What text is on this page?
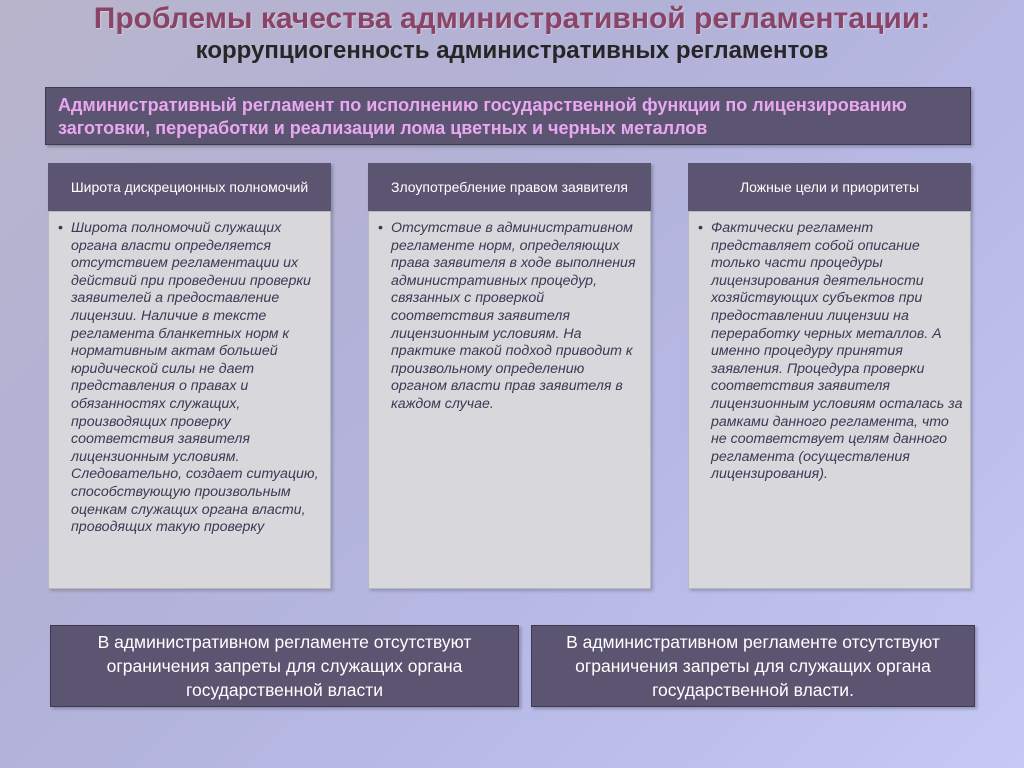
Проблемы качества административной регламентации:
коррупциогенность административных регламентов
Административный регламент по исполнению государственной функции по лицензированию заготовки, переработки и реализации лома цветных и черных металлов
Широта дискреционных полномочий
• Широта полномочий служащих органа власти определяется отсутствием регламентации их действий при проведении проверки заявителей а предоставление лицензии. Наличие в тексте регламента бланкетных норм к нормативным актам большей юридической силы не дает представления о правах и обязанностях служащих, производящих проверку соответствия заявителя лицензионным условиям. Следовательно, создает ситуацию, способствующую произвольным оценкам служащих органа власти, проводящих такую проверку
Злоупотребление правом заявителя
• Отсутствие в административном регламенте норм, определяющих права заявителя в ходе выполнения административных процедур, связанных с проверкой соответствия заявителя лицензионным условиям. На практике такой подход приводит к произвольному определению органом власти прав заявителя в каждом случае.
Ложные цели и приоритеты
• Фактически регламент представляет собой описание только части процедуры лицензирования деятельности хозяйствующих субъектов при предоставлении лицензии на переработку черных металлов. А именно процедуру принятия заявления. Процедура проверки соответствия заявителя лицензионным условиям осталась за рамками данного регламента, что не соответствует целям данного регламента (осуществления лицензирования).
В административном регламенте отсутствуют ограничения запреты для служащих органа государственной власти
В административном регламенте отсутствуют ограничения запреты для служащих органа государственной власти.
